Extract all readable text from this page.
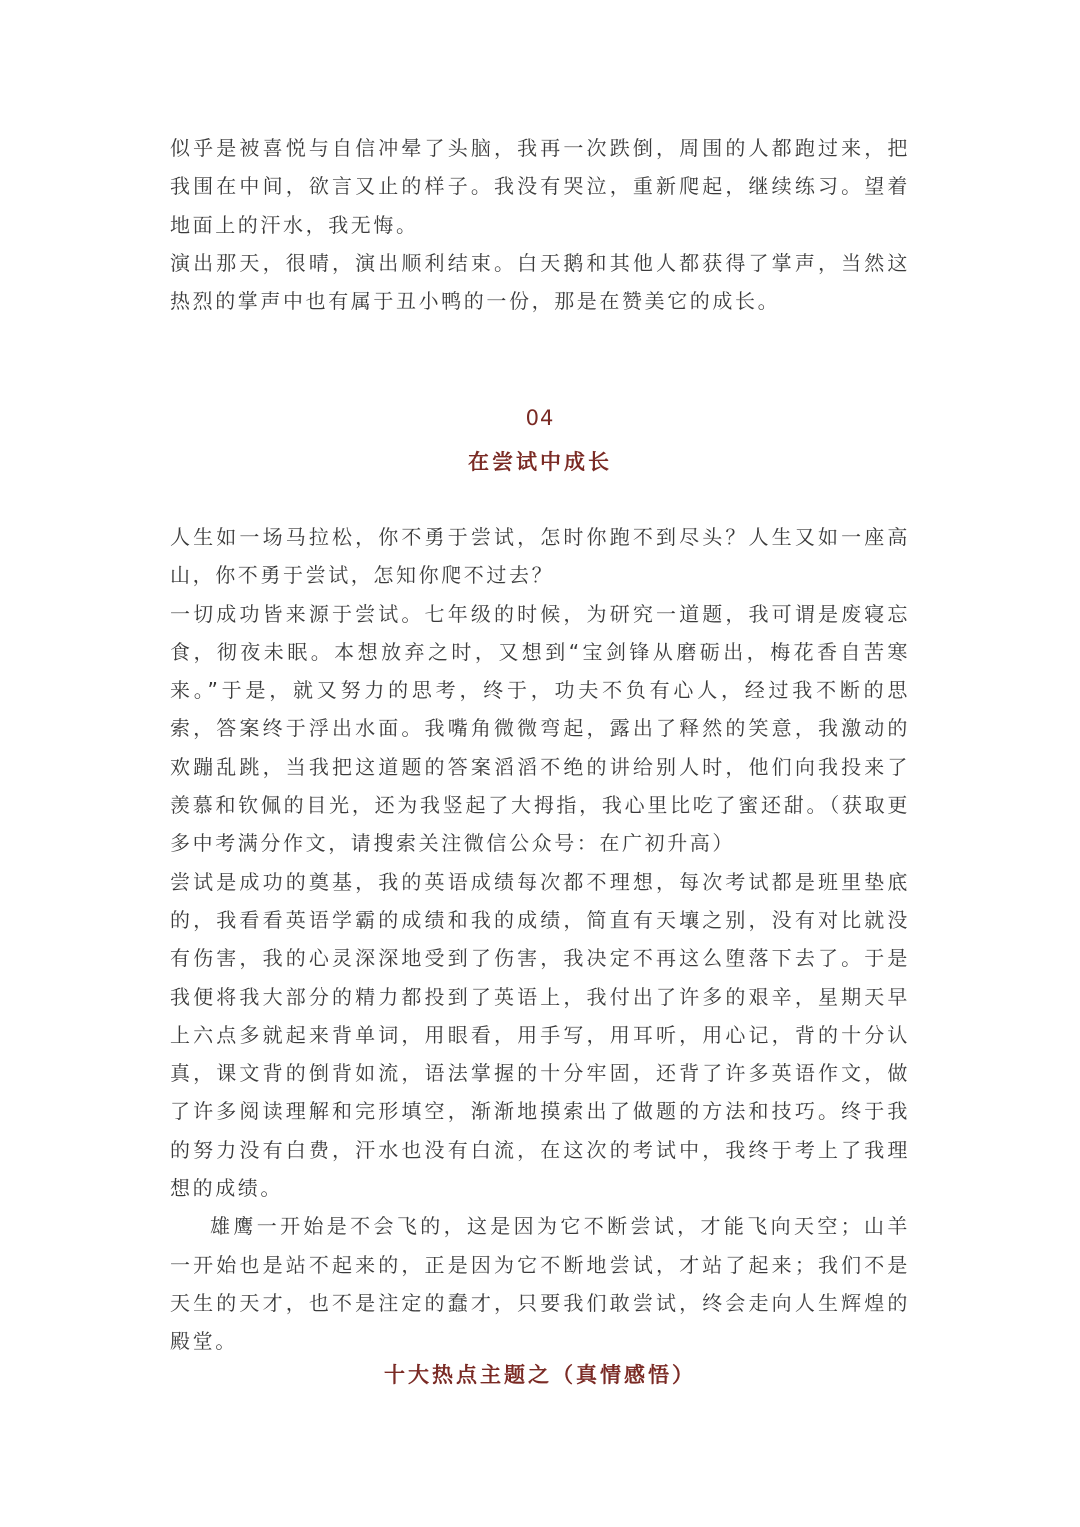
似乎是被喜悦与自信冲晕了头脑，我再一次跌倒，周围的人都跑过来，把我围在中间，欲言又止的样子。我没有哭泣，重新爬起，继续练习。望着地面上的汗水，我无悔。

演出那天，很晴，演出顺利结束。白天鹅和其他人都获得了掌声，当然这热烈的掌声中也有属于丑小鸭的一份，那是在赞美它的成长。

04
在尝试中成长

人生如一场马拉松，你不勇于尝试，怎时你跑不到尽头？人生又如一座高山，你不勇于尝试，怎知你爬不过去？

一切成功皆来源于尝试。七年级的时候，为研究一道题，我可谓是废寝忘食，彻夜未眠。本想放弃之时，又想到“宝剑锋从磨砺出，梅花香自苦寒来。”于是，就又努力的思考，终于，功夫不负有心人，经过我不断的思索，答案终于浮出水面。我嘴角微微弯起，露出了释然的笑意，我激动的欢蹦乱跳，当我把这道题的答案滔滔不绝的讲给别人时，他们向我投来了羡慕和钦佩的目光，还为我竖起了大拇指，我心里比吃了蜜还甜。（获取更多中考满分作文，请搜索关注微信公众号：在广初升高）

尝试是成功的奠基，我的英语成绩每次都不理想，每次考试都是班里垫底的，我看看英语学霸的成绩和我的成绩，简直有天壤之别，没有对比就没有伤害，我的心灵深深地受到了伤害，我决定不再这么堕落下去了。于是我便将我大部分的精力都投到了英语上，我付出了许多的艰辛，星期天早上六点多就起来背单词，用眼看，用手写，用耳听，用心记，背的十分认真，课文背的倒背如流，语法掌握的十分牢固，还背了许多英语作文，做了许多阅读理解和完形填空，渐渐地摸索出了做题的方法和技巧。终于我的努力没有白费，汗水也没有白流，在这次的考试中，我终于考上了我理想的成绩。

雄鹰一开始是不会飞的，这是因为它不断尝试，才能飞向天空；山羊一开始也是站不起来的，正是因为它不断地尝试，才站了起来；我们不是天生的天才，也不是注定的蠢才，只要我们敢尝试，终会走向人生辉煌的殿堂。

十大热点主题之（真情感悟）
